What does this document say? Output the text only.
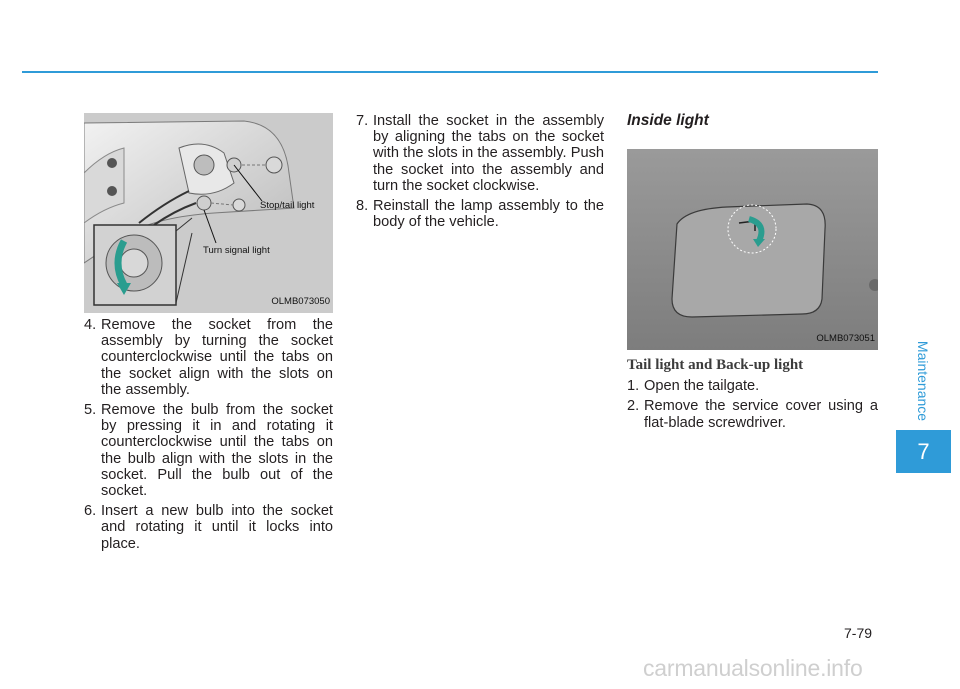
Stop/tail light
Turn signal light
OLMB073050
4. Remove the socket from the assembly by turning the socket counterclockwise until the tabs on the socket align with the slots on the assembly.
5. Remove the bulb from the socket by pressing it in and rotating it counterclockwise until the tabs on the bulb align with the slots in the socket. Pull the bulb out of the socket.
6. Insert a new bulb into the socket and rotating it until it locks into place.
7. Install the socket in the assembly by aligning the tabs on the socket with the slots in the assembly. Push the socket into the assembly and turn the socket clockwise.
8. Reinstall the lamp assembly to the body of the vehicle.
Inside light
OLMB073051
Tail light and Back-up light
1. Open the tailgate.
2. Remove the service cover using a flat-blade screwdriver.
Maintenance
7
7-79
carmanualsonline.info
